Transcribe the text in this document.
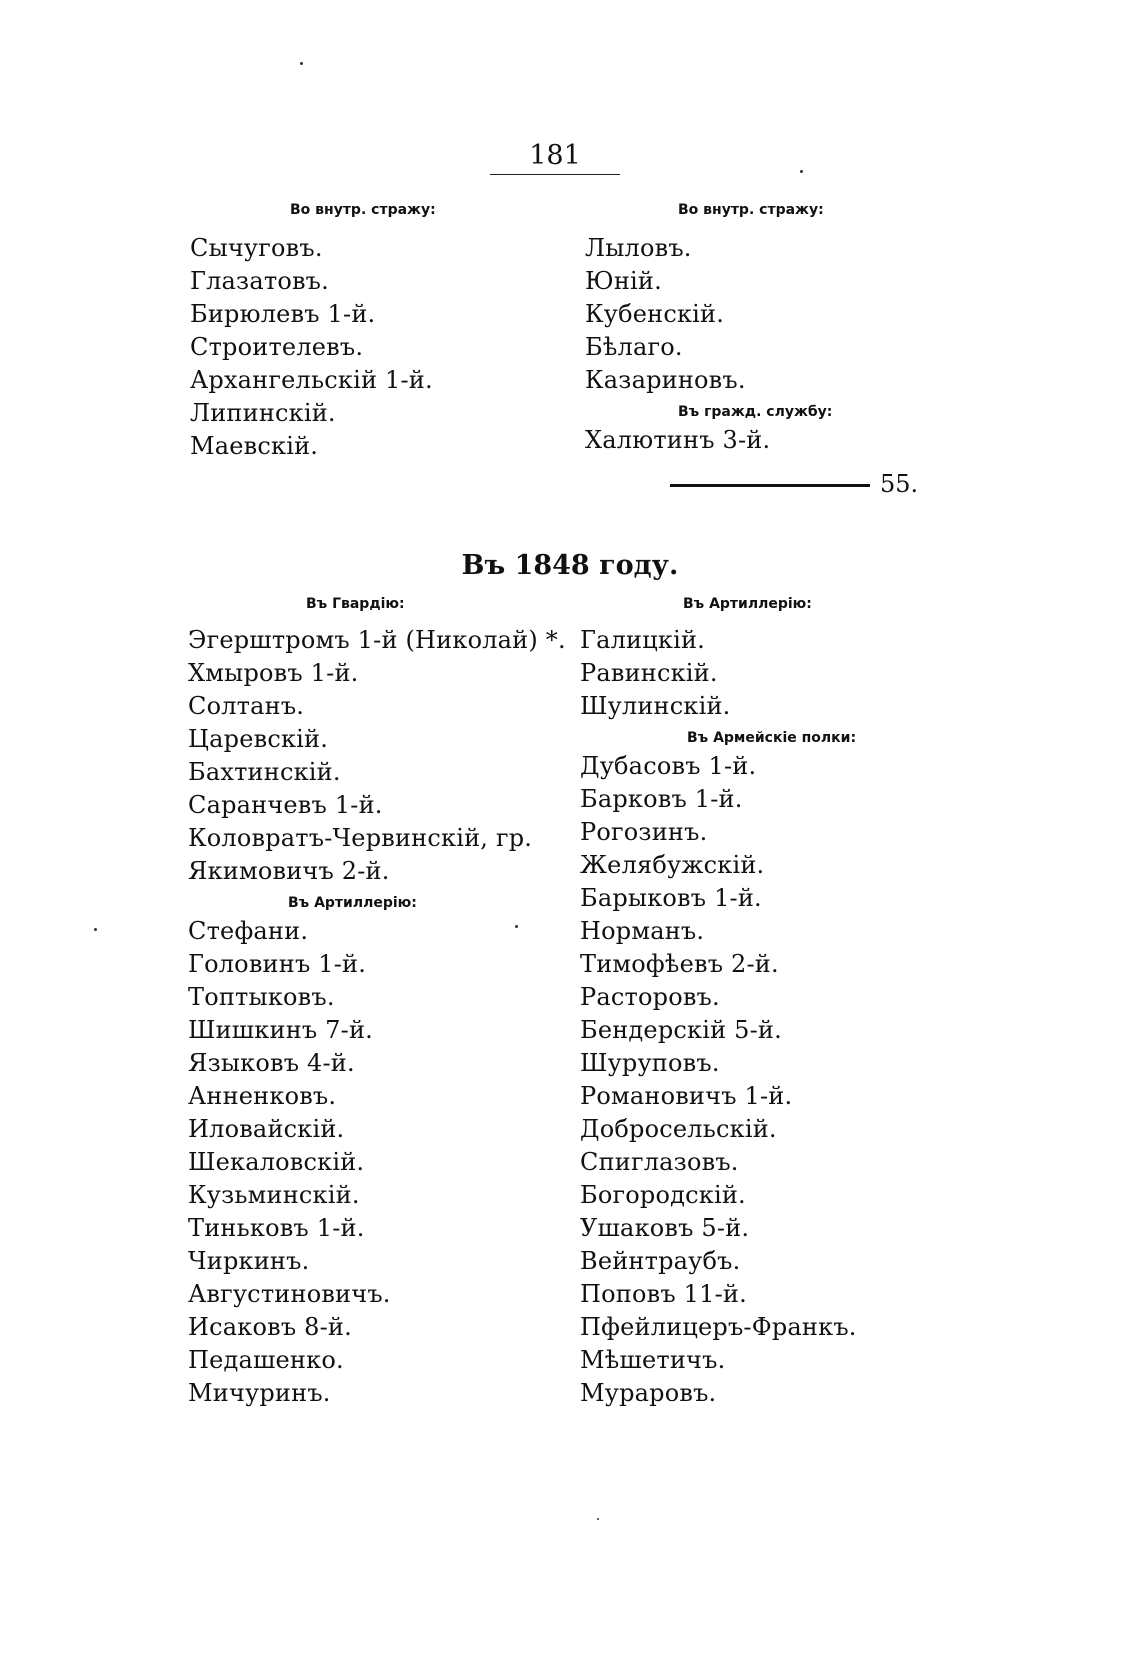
181
Во внутр. стражу:
Сычуговъ.
Глазатовъ.
Бирюлевъ 1-й.
Строителевъ.
Архангельскій 1-й.
Липинскій.
Маевскій.
Во внутр. стражу:
Лыловъ.
Юній.
Кубенскій.
Бѣлаго.
Казариновъ.
Въ гражд. службу:
Халютинъ 3-й.
55.
Въ 1848 году.
Въ Гвардію:
Эгерштромъ 1-й (Николай) *.
Хмыровъ 1-й.
Солтанъ.
Царевскій.
Бахтинскій.
Саранчевъ 1-й.
Коловратъ-Червинскій, гр.
Якимовичъ 2-й.
Въ Артиллерію:
Стефани.
Головинъ 1-й.
Топтыковъ.
Шишкинъ 7-й.
Языковъ 4-й.
Анненковъ.
Иловайскій.
Шекаловскій.
Кузьминскій.
Тиньковъ 1-й.
Чиркинъ.
Августиновичъ.
Исаковъ 8-й.
Педашенко.
Мичуринъ.
Въ Артиллерію:
Галицкій.
Равинскій.
Шулинскій.
Въ Армейскіе полки:
Дубасовъ 1-й.
Барковъ 1-й.
Рогозинъ.
Желябужскій.
Барыковъ 1-й.
Норманъ.
Тимофѣевъ 2-й.
Расторовъ.
Бендерскій 5-й.
Шуруповъ.
Романовичъ 1-й.
Добросельскій.
Спиглазовъ.
Богородскій.
Ушаковъ 5-й.
Вейнтраубъ.
Поповъ 11-й.
Пфейлицеръ-Франкъ.
Мѣшетичъ.
Мураровъ.
